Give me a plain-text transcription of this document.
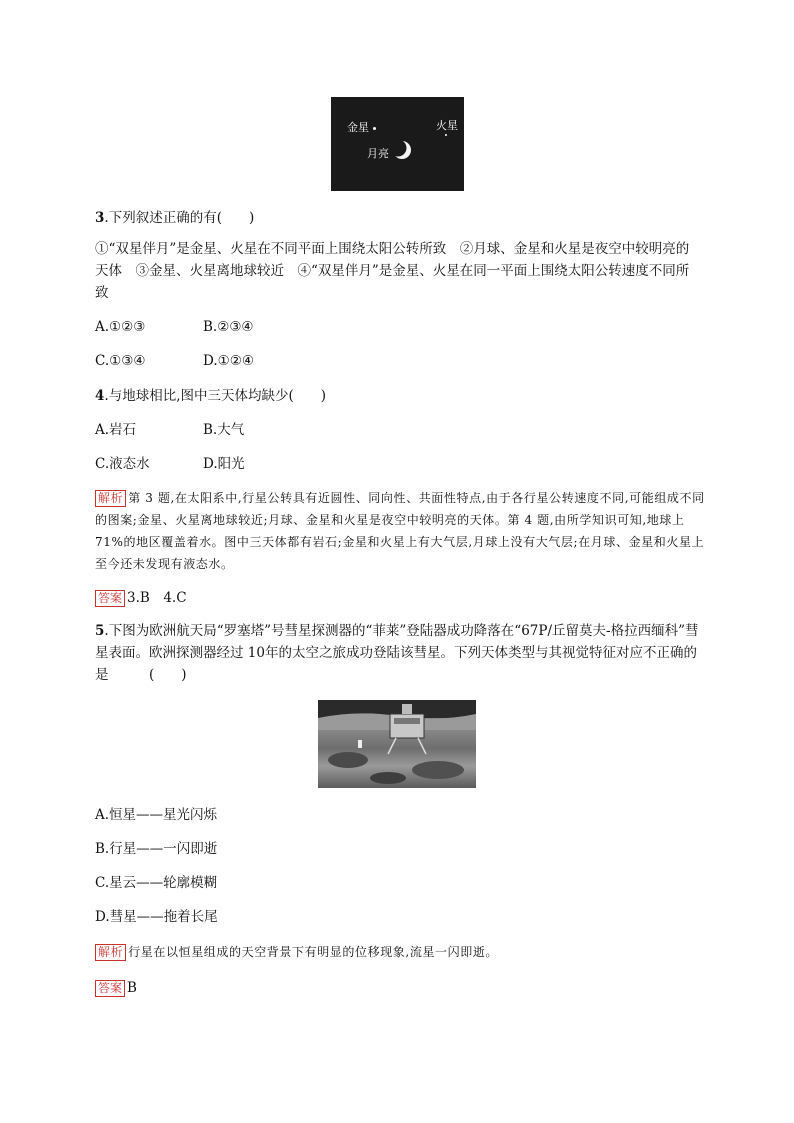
金星	火星
月亮
3.下列叙述正确的有(　　)
①“双星伴月”是金星、火星在不同平面上围绕太阳公转所致　②月球、金星和火星是夜空中较明亮的天体　③金星、火星离地球较近　④“双星伴月”是金星、火星在同一平面上围绕太阳公转速度不同所致
A.①②③	B.②③④
C.①③④	D.①②④
4.与地球相比,图中三天体均缺少(　　)
A.岩石	B.大气
C.液态水	D.阳光
解析 第 3 题,在太阳系中,行星公转具有近圆性、同向性、共面性特点,由于各行星公转速度不同,可能组成不同的图案;金星、火星离地球较近;月球、金星和火星是夜空中较明亮的天体。第 4 题,由所学知识可知,地球上 71%的地区覆盖着水。图中三天体都有岩石;金星和火星上有大气层,月球上没有大气层;在月球、金星和火星上至今还未发现有液态水。
答案 3.B　4.C
5.下图为欧洲航天局“罗塞塔”号彗星探测器的“菲莱”登陆器成功降落在“67P/丘留莫夫-格拉西缅科”彗星表面。欧洲探测器经过 10年的太空之旅成功登陆该彗星。下列天体类型与其视觉特征对应不正确的是　　　(　　)
A.恒星——星光闪烁
B.行星——一闪即逝
C.星云——轮廓模糊
D.彗星——拖着长尾
解析 行星在以恒星组成的天空背景下有明显的位移现象,流星一闪即逝。
答案 B
